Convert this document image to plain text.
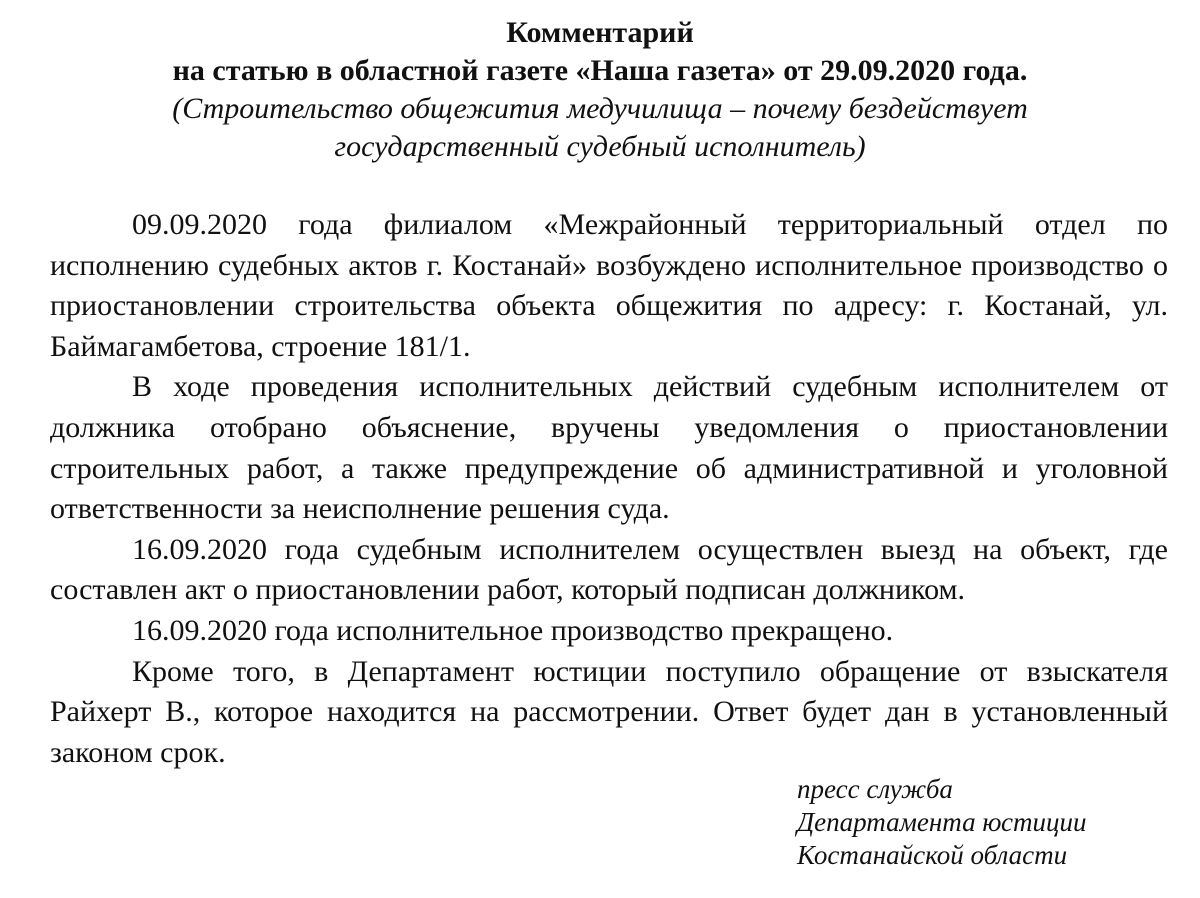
Комментарий
на статью в областной газете «Наша газета» от 29.09.2020 года.
(Строительство общежития медучилища – почему бездействует
государственный судебный исполнитель)

09.09.2020 года филиалом «Межрайонный территориальный отдел по исполнению судебных актов г. Костанай» возбуждено исполнительное производство о приостановлении строительства объекта общежития по адресу: г. Костанай, ул. Баймагамбетова, строение 181/1.

В ходе проведения исполнительных действий судебным исполнителем от должника отобрано объяснение, вручены уведомления о приостановлении строительных работ, а также предупреждение об административной и уголовной ответственности за неисполнение решения суда.

16.09.2020 года судебным исполнителем осуществлен выезд на объект, где составлен акт о приостановлении работ, который подписан должником.

16.09.2020 года исполнительное производство прекращено.

Кроме того, в Департамент юстиции поступило обращение от взыскателя Райхерт В., которое находится на рассмотрении. Ответ будет дан в установленный законом срок.

пресс служба
Департамента юстиции
Костанайской области
